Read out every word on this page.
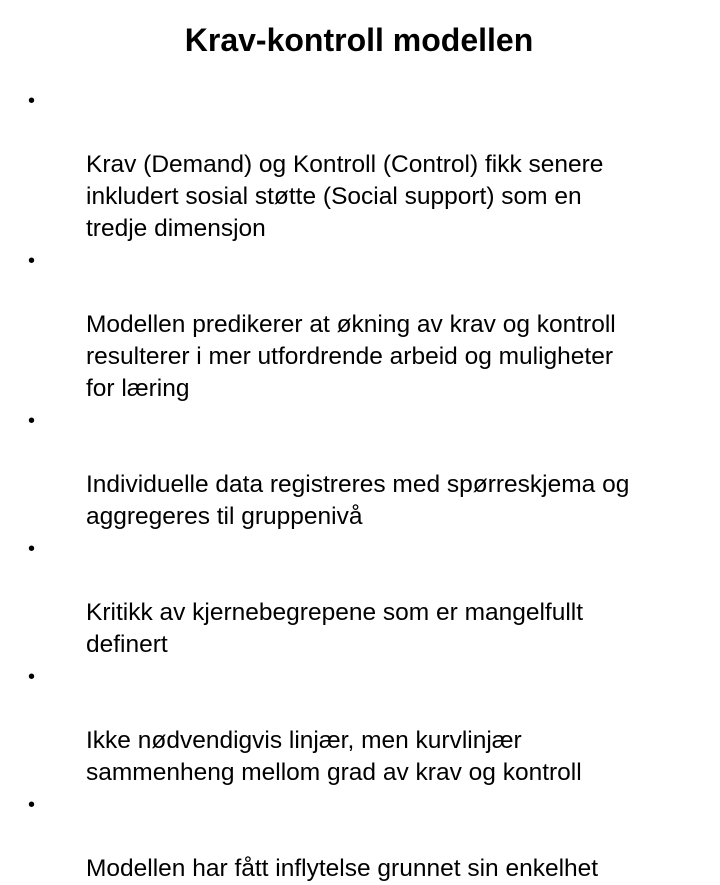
Krav-kontroll modellen

•

Krav (Demand) og Kontroll (Control) fikk senere
inkludert sosial støtte (Social support) som en
tredje dimensjon

•

Modellen predikerer at økning av krav og kontroll
resulterer i mer utfordrende arbeid og muligheter
for læring

•

Individuelle data registreres med spørreskjema og
aggregeres til gruppenivå

•

Kritikk av kjernebegrepene som er mangelfullt
definert

•

Ikke nødvendigvis linjær, men kurvlinjær
sammenheng mellom grad av krav og kontroll

•

Modellen har fått inflytelse grunnet sin enkelhet
